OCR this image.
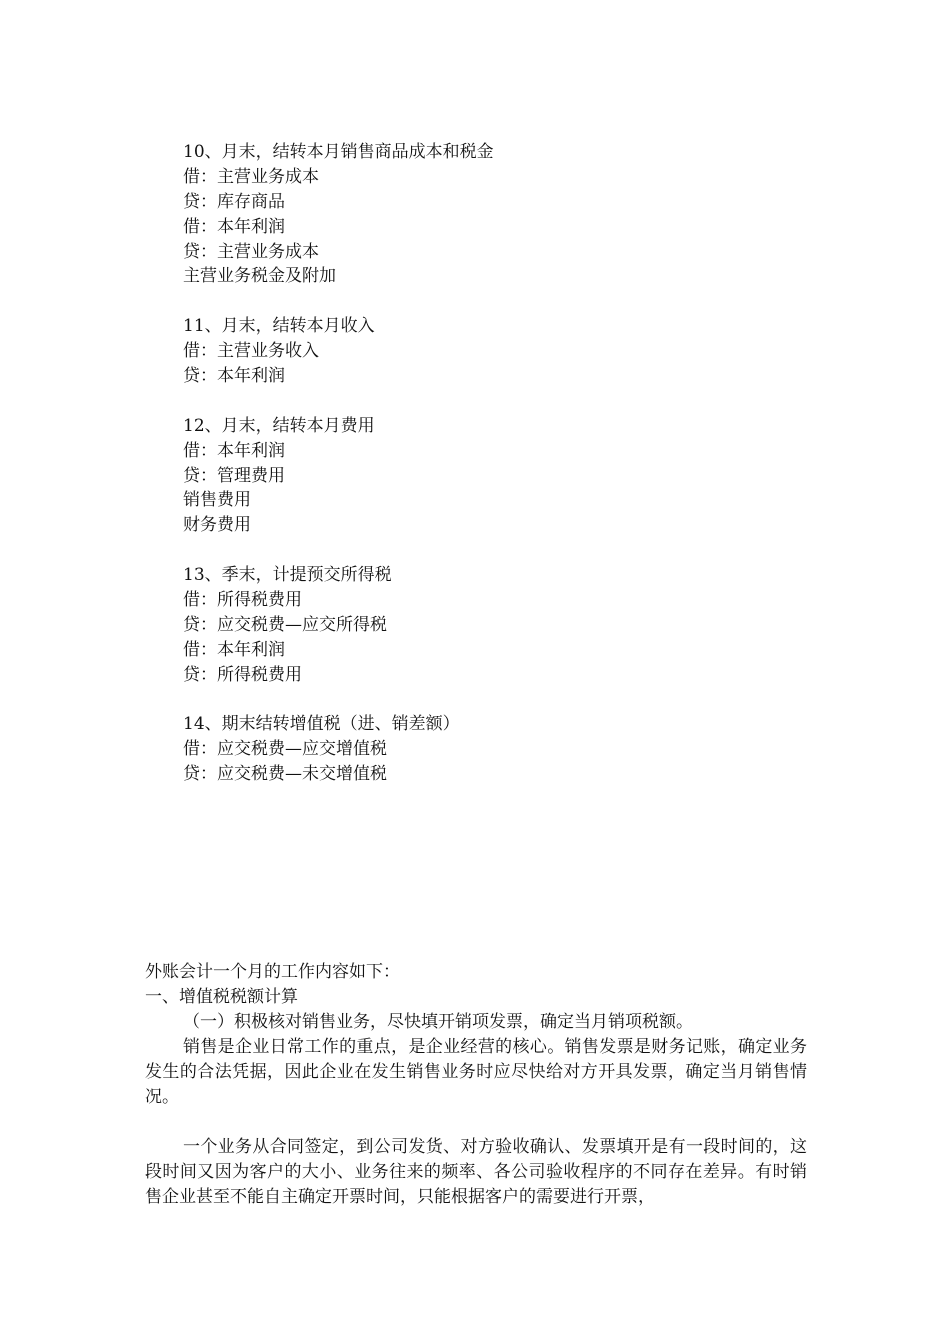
10、月末，结转本月销售商品成本和税金
借：主营业务成本
贷：库存商品
借：本年利润
贷：主营业务成本
主营业务税金及附加
11、月末，结转本月收入
借：主营业务收入
贷：本年利润
12、月末，结转本月费用
借：本年利润
贷：管理费用
销售费用
财务费用
13、季末，计提预交所得税
借：所得税费用
贷：应交税费—应交所得税
借：本年利润
贷：所得税费用
14、期末结转增值税（进、销差额）
借：应交税费—应交增值税
贷：应交税费—未交增值税
外账会计一个月的工作内容如下：
一、增值税税额计算
（一）积极核对销售业务，尽快填开销项发票，确定当月销项税额。

销售是企业日常工作的重点，是企业经营的核心。销售发票是财务记账，确定业务发生的合法凭据，因此企业在发生销售业务时应尽快给对方开具发票，确定当月销售情况。

一个业务从合同签定，到公司发货、对方验收确认、发票填开是有一段时间的，这段时间又因为客户的大小、业务往来的频率、各公司验收程序的不同存在差异。有时销售企业甚至不能自主确定开票时间，只能根据客户的需要进行开票，
